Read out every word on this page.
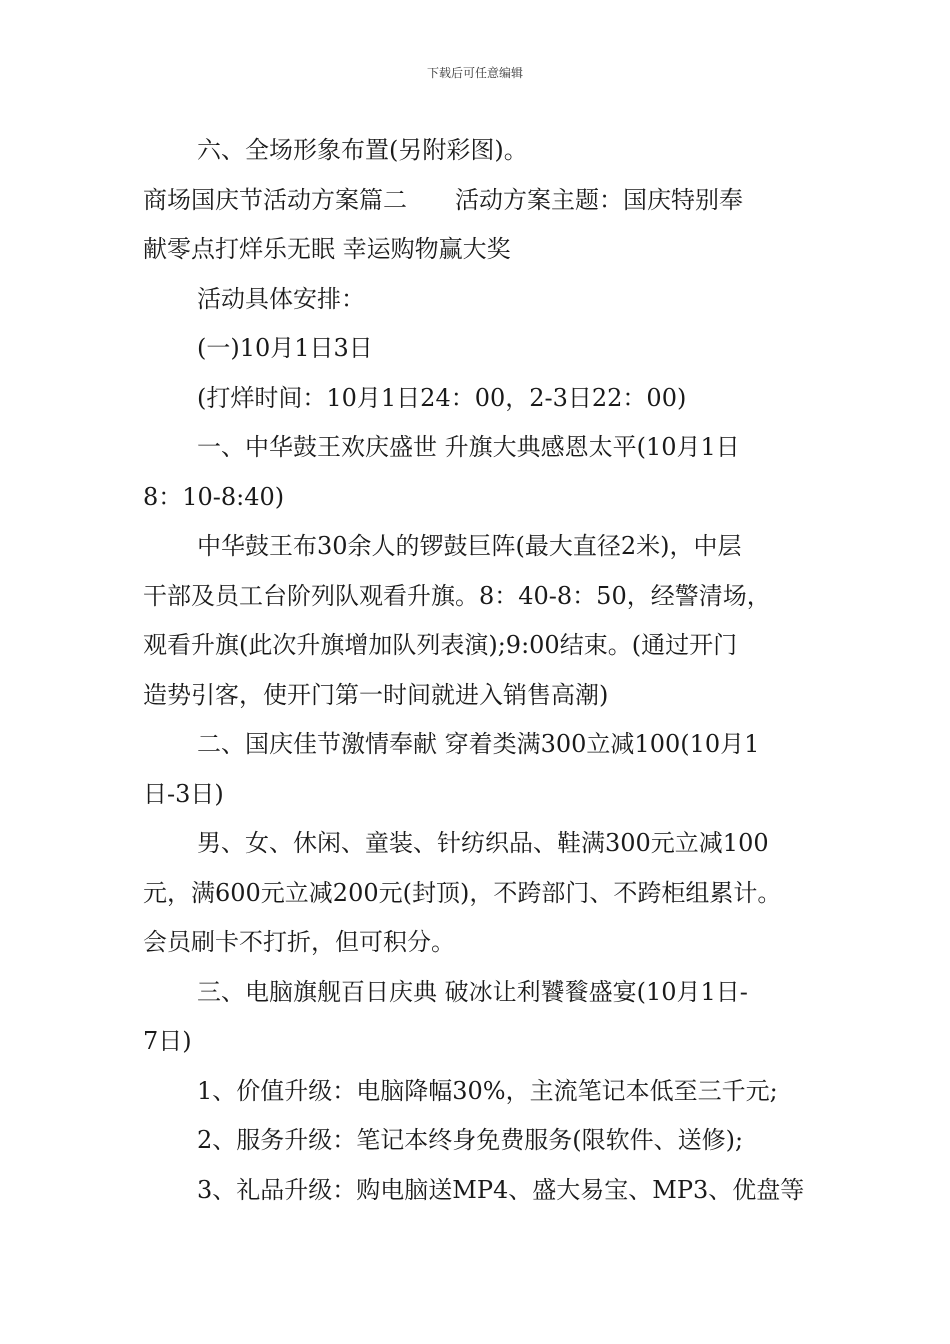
下载后可任意编辑

六、全场形象布置(另附彩图)。

商场国庆节活动方案篇二　　活动方案主题：国庆特别奉

献零点打烊乐无眠 幸运购物赢大奖

活动具体安排：

(一)10月1日3日

(打烊时间：10月1日24：00，2-3日22：00)

一、中华鼓王欢庆盛世 升旗大典感恩太平(10月1日

8：10-8:40)

中华鼓王布30余人的锣鼓巨阵(最大直径2米)，中层

干部及员工台阶列队观看升旗。8：40-8：50，经警清场，

观看升旗(此次升旗增加队列表演);9:00结束。(通过开门

造势引客，使开门第一时间就进入销售高潮)

二、国庆佳节激情奉献 穿着类满300立减100(10月1

日-3日)

男、女、休闲、童装、针纺织品、鞋满300元立减100

元，满600元立减200元(封顶)，不跨部门、不跨柜组累计。

会员刷卡不打折，但可积分。

三、电脑旗舰百日庆典 破冰让利饕餮盛宴(10月1日-

7日)

1、价值升级：电脑降幅30%，主流笔记本低至三千元;

2、服务升级：笔记本终身免费服务(限软件、送修);

3、礼品升级：购电脑送MP4、盛大易宝、MP3、优盘等
